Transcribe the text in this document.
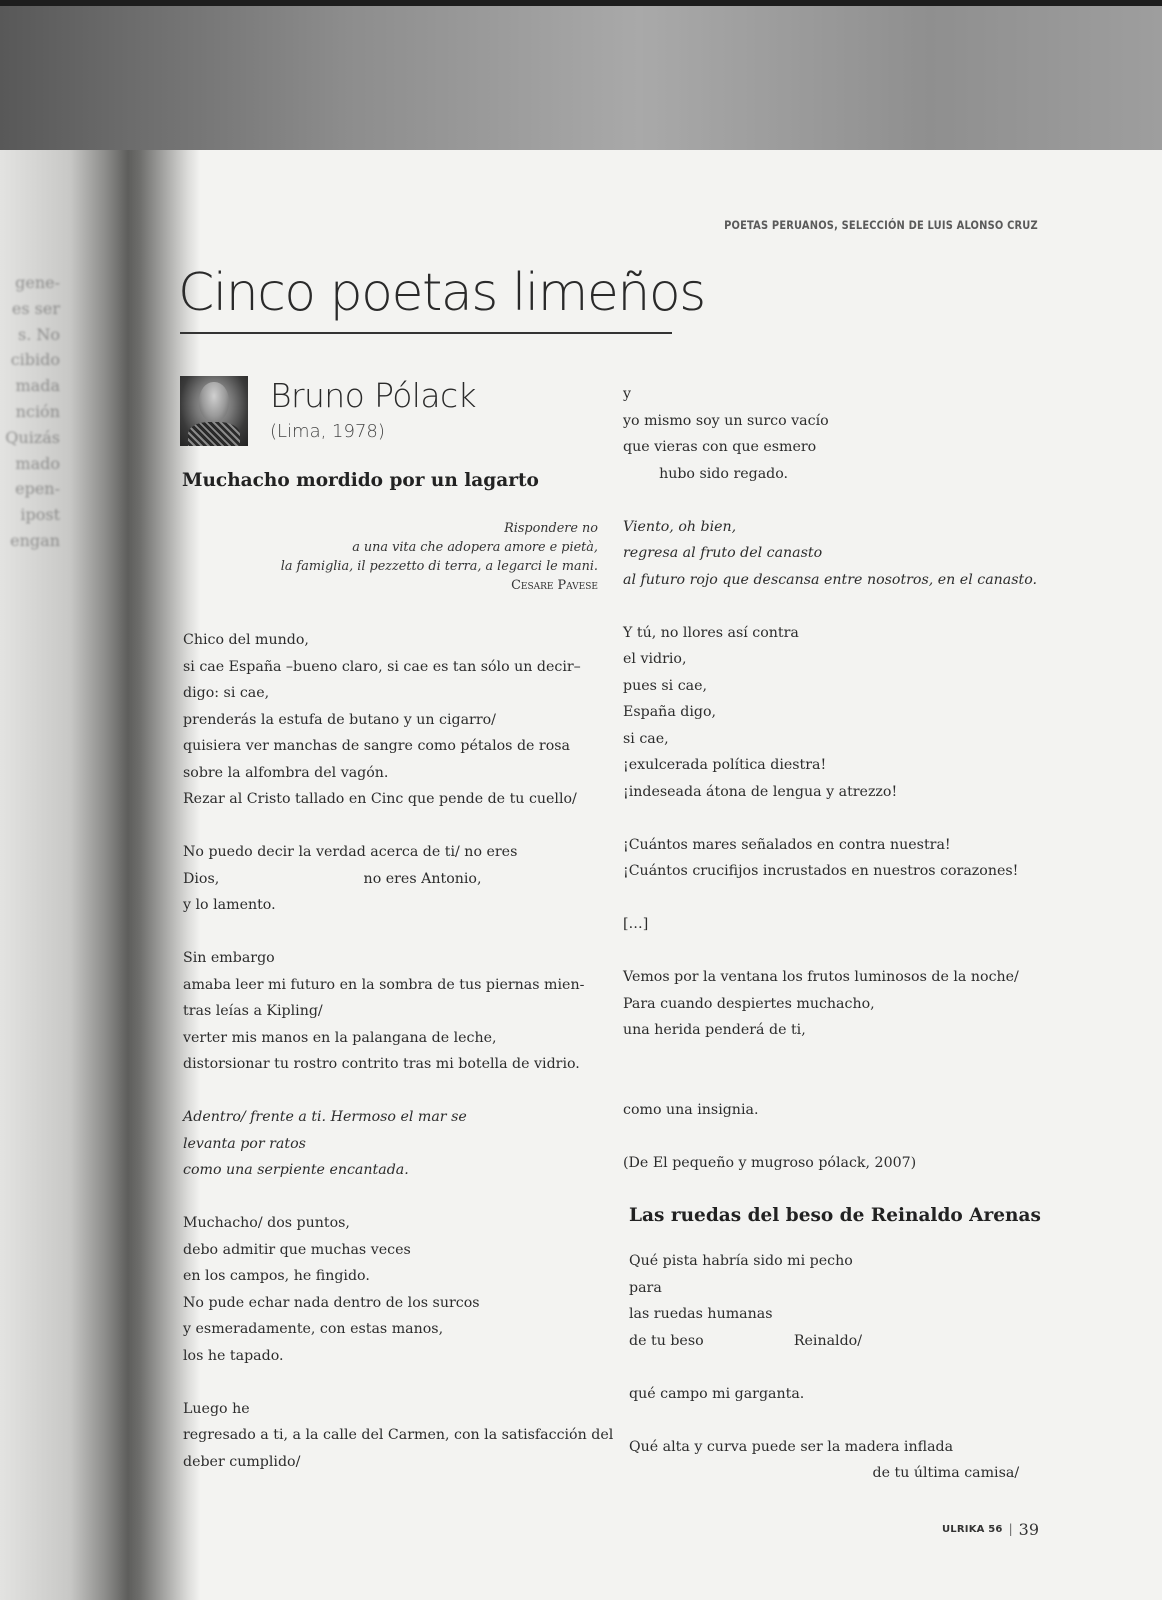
gene-
es ser
s. No
cibido
mada
nción
Quizás
mado
epen-
ipost
engan
POETAS PERUANOS, SELECCIÓN DE LUIS ALONSO CRUZ
Cinco poetas limeños
Bruno Pólack
(Lima, 1978)
Muchacho mordido por un lagarto
Rispondere no
a una vita che adopera amore e pietà,
la famiglia, il pezzetto di terra, a legarci le mani.
Cesare Pavese
Chico del mundo,
si cae España –bueno claro, si cae es tan sólo un decir–
digo: si cae,
prenderás la estufa de butano y un cigarro/
quisiera ver manchas de sangre como pétalos de rosa
sobre la alfombra del vagón.
Rezar al Cristo tallado en Cinc que pende de tu cuello/
No puedo decir la verdad acerca de ti/ no eres
Dios,                                no eres Antonio,
y lo lamento.
Sin embargo
amaba leer mi futuro en la sombra de tus piernas mien-
tras leías a Kipling/
verter mis manos en la palangana de leche,
distorsionar tu rostro contrito tras mi botella de vidrio.
Adentro/ frente a ti. Hermoso el mar se
levanta por ratos
como una serpiente encantada.
Muchacho/ dos puntos,
debo admitir que muchas veces
en los campos, he fingido.
No pude echar nada dentro de los surcos
y esmeradamente, con estas manos,
los he tapado.
Luego he
regresado a ti, a la calle del Carmen, con la satisfacción del
deber cumplido/
y
yo mismo soy un surco vacío
que vieras con que esmero
hubo sido regado.
Viento, oh bien,
regresa al fruto del canasto
al futuro rojo que descansa entre nosotros, en el canasto.
Y tú, no llores así contra
el vidrio,
pues si cae,
España digo,
si cae,
¡exulcerada política diestra!
¡indeseada átona de lengua y atrezzo!
¡Cuántos mares señalados en contra nuestra!
¡Cuántos crucifijos incrustados en nuestros corazones!
[…]
Vemos por la ventana los frutos luminosos de la noche/
Para cuando despiertes muchacho,
una herida penderá de ti,
como una insignia.
(De El pequeño y mugroso pólack, 2007)
Las ruedas del beso de Reinaldo Arenas
Qué pista habría sido mi pecho
para
las ruedas humanas
de tu beso                    Reinaldo/
qué campo mi garganta.
Qué alta y curva puede ser la madera inflada
de tu última camisa/
ULRIKA 56 | 39
